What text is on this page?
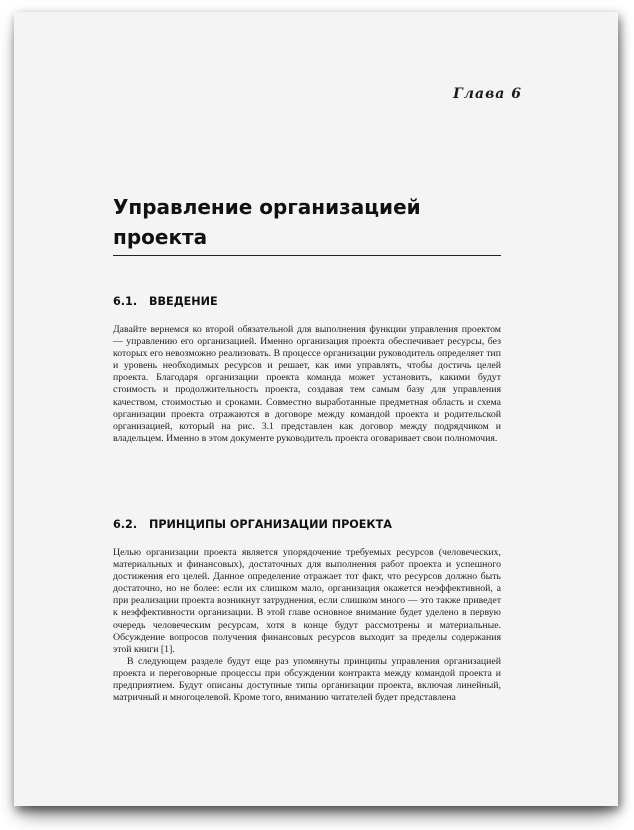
Глава 6
Управление организацией проекта
6.1. ВВЕДЕНИЕ

Давайте вернемся ко второй обязательной для выполнения функции управления проектом — управлению его организацией. Именно организация проекта обеспечивает ресурсы, без которых его невозможно реализовать. В процессе организации руководитель определяет тип и уровень необходимых ресурсов и решает, как ими управлять, чтобы достичь целей проекта. Благодаря организации проекта команда может установить, какими будут стоимость и продолжительность проекта, создавая тем самым базу для управления качеством, стоимостью и сроками. Совместно выработанные предметная область и схема организации проекта отражаются в договоре между командой проекта и родительской организацией, который на рис. 3.1 представлен как договор между подрядчиком и владельцем. Именно в этом документе руководитель проекта оговаривает свои полномочия.

6.2. ПРИНЦИПЫ ОРГАНИЗАЦИИ ПРОЕКТА

Целью организации проекта является упорядочение требуемых ресурсов (человеческих, материальных и финансовых), достаточных для выполнения работ проекта и успешного достижения его целей. Данное определение отражает тот факт, что ресурсов должно быть достаточно, но не более: если их слишком мало, организация окажется неэффективной, а при реализации проекта возникнут затруднения, если слишком много — это также приведет к неэффективности организации. В этой главе основное внимание будет уделено в первую очередь человеческим ресурсам, хотя в конце будут рассмотрены и материальные. Обсуждение вопросов получения финансовых ресурсов выходит за пределы содержания этой книги [1].

В следующем разделе будут еще раз упомянуты принципы управления организацией проекта и переговорные процессы при обсуждении контракта между командой проекта и предприятием. Будут описаны доступные типы организации проекта, включая линейный, матричный и многоцелевой. Кроме того, вниманию читателей будет представлена
